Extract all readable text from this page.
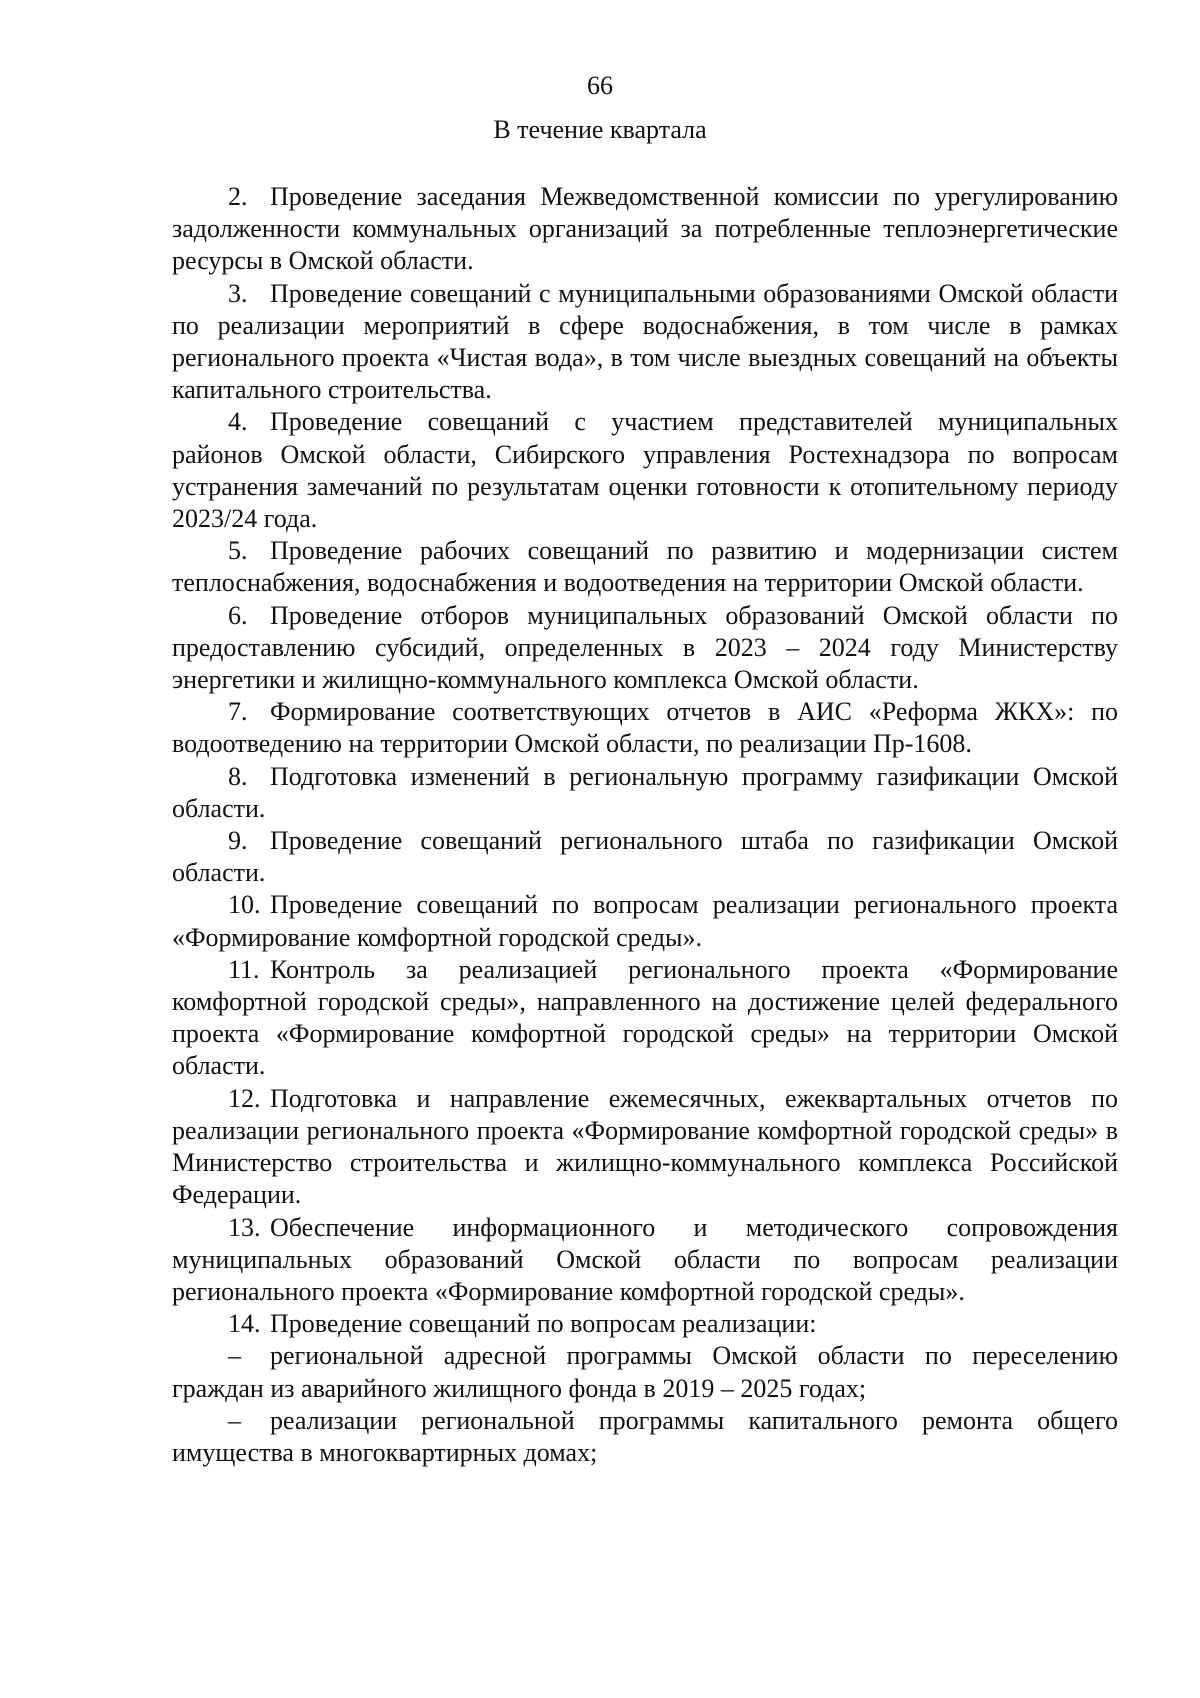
66
В течение квартала

2. Проведение заседания Межведомственной комиссии по урегулированию задолженности коммунальных организаций за потребленные теплоэнергетические ресурсы в Омской области.

3. Проведение совещаний с муниципальными образованиями Омской области по реализации мероприятий в сфере водоснабжения, в том числе в рамках регионального проекта «Чистая вода», в том числе выездных совещаний на объекты капитального строительства.

4. Проведение совещаний с участием представителей муниципальных районов Омской области, Сибирского управления Ростехнадзора по вопросам устранения замечаний по результатам оценки готовности к отопительному периоду 2023/24 года.

5. Проведение рабочих совещаний по развитию и модернизации систем теплоснабжения, водоснабжения и водоотведения на территории Омской области.

6. Проведение отборов муниципальных образований Омской области по предоставлению субсидий, определенных в 2023 – 2024 году Министерству энергетики и жилищно-коммунального комплекса Омской области.

7. Формирование соответствующих отчетов в АИС «Реформа ЖКХ»: по водоотведению на территории Омской области, по реализации Пр-1608.

8. Подготовка изменений в региональную программу газификации Омской области.

9. Проведение совещаний регионального штаба по газификации Омской области.

10. Проведение совещаний по вопросам реализации регионального проекта «Формирование комфортной городской среды».

11. Контроль за реализацией регионального проекта «Формирование комфортной городской среды», направленного на достижение целей федерального проекта «Формирование комфортной городской среды» на территории Омской области.

12. Подготовка и направление ежемесячных, ежеквартальных отчетов по реализации регионального проекта «Формирование комфортной городской среды» в Министерство строительства и жилищно-коммунального комплекса Российской Федерации.

13. Обеспечение информационного и методического сопровождения муниципальных образований Омской области по вопросам реализации регионального проекта «Формирование комфортной городской среды».

14. Проведение совещаний по вопросам реализации:

– региональной адресной программы Омской области по переселению граждан из аварийного жилищного фонда в 2019 – 2025 годах;

– реализации региональной программы капитального ремонта общего имущества в многоквартирных домах;
